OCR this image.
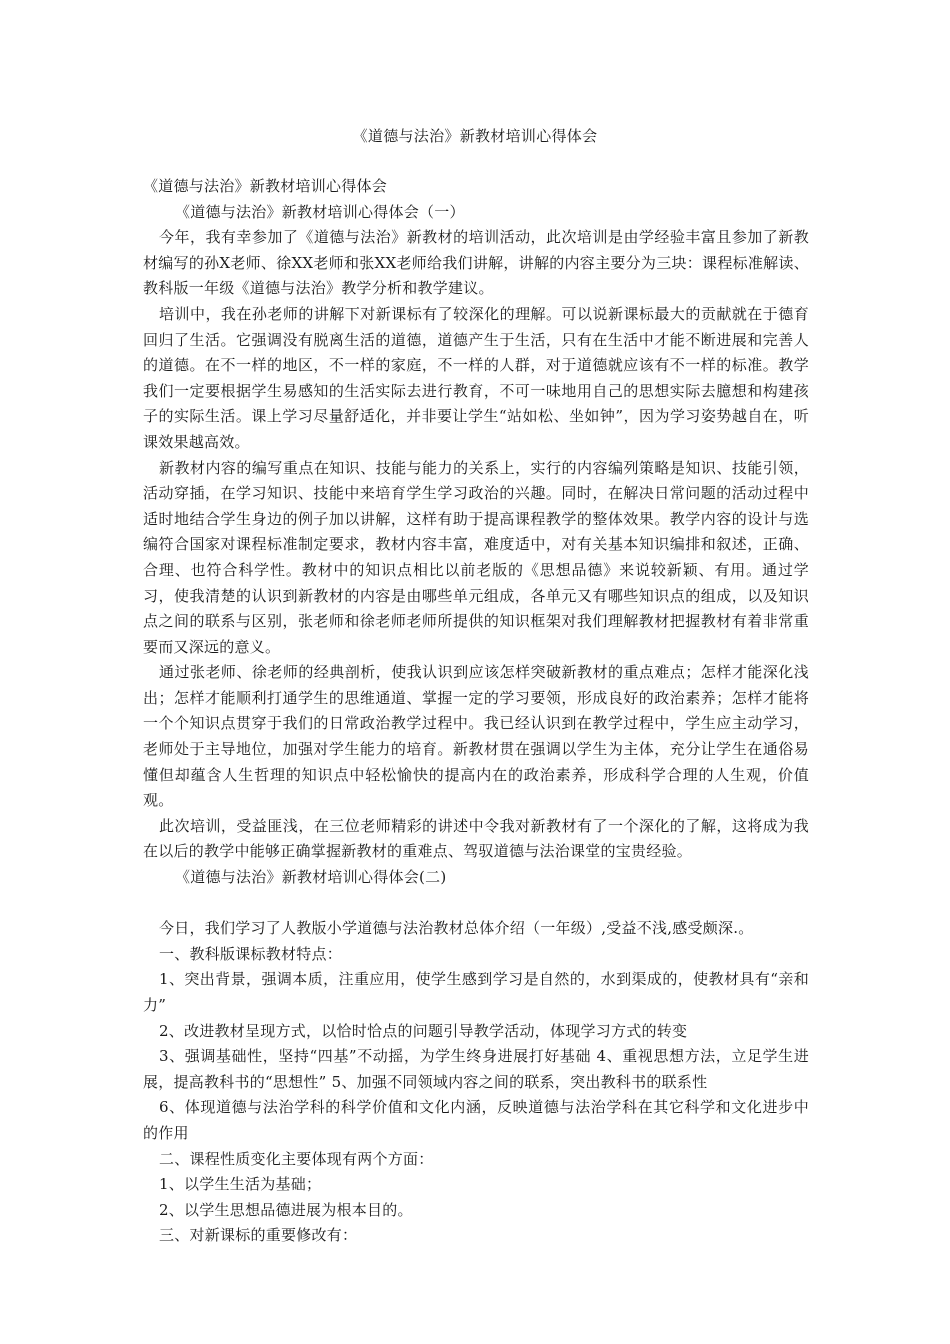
《道德与法治》新教材培训心得体会

《道德与法治》新教材培训心得体会

《道德与法治》新教材培训心得体会（一）

今年，我有幸参加了《道德与法治》新教材的培训活动，此次培训是由学经验丰富且参加了新教材编写的孙X老师、徐XX老师和张XX老师给我们讲解，讲解的内容主要分为三块：课程标准解读、教科版一年级《道德与法治》教学分析和教学建议。

培训中，我在孙老师的讲解下对新课标有了较深化的理解。可以说新课标最大的贡献就在于德育回归了生活。它强调没有脱离生活的道德，道德产生于生活，只有在生活中才能不断进展和完善人的道德。在不一样的地区，不一样的家庭，不一样的人群，对于道德就应该有不一样的标准。教学我们一定要根据学生易感知的生活实际去进行教育，不可一味地用自己的思想实际去臆想和构建孩子的实际生活。课上学习尽量舒适化，并非要让学生“站如松、坐如钟”，因为学习姿势越自在，听课效果越高效。

新教材内容的编写重点在知识、技能与能力的关系上，实行的内容编列策略是知识、技能引领，活动穿插，在学习知识、技能中来培育学生学习政治的兴趣。同时，在解决日常问题的活动过程中适时地结合学生身边的例子加以讲解，这样有助于提高课程教学的整体效果。教学内容的设计与选编符合国家对课程标准制定要求，教材内容丰富，难度适中，对有关基本知识编排和叙述，正确、合理、也符合科学性。教材中的知识点相比以前老版的《思想品德》来说较新颖、有用。通过学习，使我清楚的认识到新教材的内容是由哪些单元组成，各单元又有哪些知识点的组成，以及知识点之间的联系与区别，张老师和徐老师老师所提供的知识框架对我们理解教材把握教材有着非常重要而又深远的意义。

通过张老师、徐老师的经典剖析，使我认识到应该怎样突破新教材的重点难点；怎样才能深化浅出；怎样才能顺利打通学生的思维通道、掌握一定的学习要领，形成良好的政治素养；怎样才能将一个个知识点贯穿于我们的日常政治教学过程中。我已经认识到在教学过程中，学生应主动学习，老师处于主导地位，加强对学生能力的培育。新教材贯在强调以学生为主体，充分让学生在通俗易懂但却蕴含人生哲理的知识点中轻松愉快的提高内在的政治素养，形成科学合理的人生观，价值观。

此次培训，受益匪浅，在三位老师精彩的讲述中令我对新教材有了一个深化的了解，这将成为我在以后的教学中能够正确掌握新教材的重难点、驾驭道德与法治课堂的宝贵经验。

《道德与法治》新教材培训心得体会(二)

今日，我们学习了人教版小学道德与法治教材总体介绍（一年级）,受益不浅,感受颇深.。

一、教科版课标教材特点：

1、突出背景，强调本质，注重应用，使学生感到学习是自然的，水到渠成的，使教材具有“亲和力”

2、改进教材呈现方式，以恰时恰点的问题引导教学活动，体现学习方式的转变

3、强调基础性，坚持“四基”不动摇，为学生终身进展打好基础 4、重视思想方法，立足学生进展，提高教科书的“思想性” 5、加强不同领域内容之间的联系，突出教科书的联系性

6、体现道德与法治学科的科学价值和文化内涵，反映道德与法治学科在其它科学和文化进步中的作用

二、课程性质变化主要体现有两个方面：

1、以学生生活为基础；

2、以学生思想品德进展为根本目的。

三、对新课标的重要修改有：
